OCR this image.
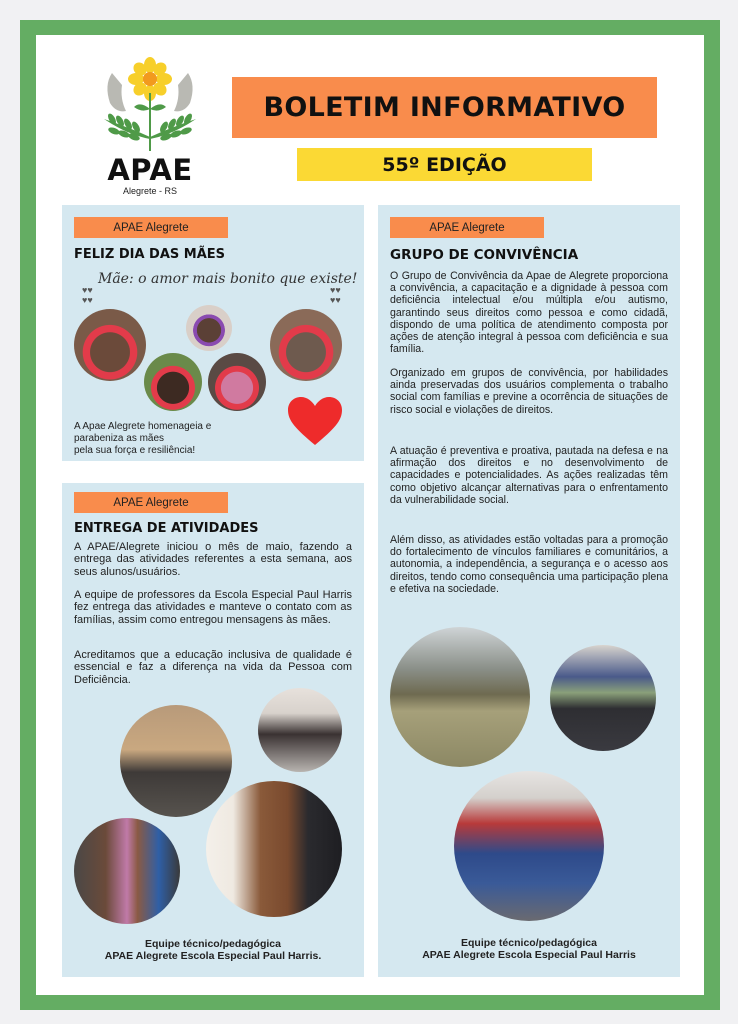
APAE
Alegrete - RS
BOLETIM INFORMATIVO
55º EDIÇÃO
APAE Alegrete
FELIZ DIA DAS MÃES
Mãe: o amor mais bonito que existe!
♥♥
♥♥
♥♥
♥♥
A Apae Alegrete homenageia e
parabeniza as mães
pela sua força e resiliência!
APAE Alegrete
ENTREGA DE ATIVIDADES
A APAE/Alegrete iniciou o mês de maio, fazendo a entrega das atividades referentes a esta semana, aos seus alunos/usuários.
A equipe de professores da Escola Especial Paul Harris fez entrega das atividades e manteve o contato com as famílias, assim como entregou mensagens às mães.
Acreditamos que a educação inclusiva de qualidade é essencial e faz a diferença na vida da Pessoa com Deficiência.
Equipe técnico/pedagógica
APAE Alegrete Escola Especial Paul Harris.
APAE Alegrete
GRUPO DE CONVIVÊNCIA
O Grupo de Convivência da Apae de Alegrete proporciona a convivência, a capacitação e a dignidade à pessoa com deficiência intelectual e/ou múltipla e/ou autismo, garantindo seus direitos como pessoa e como cidadã, dispondo de uma política de atendimento composta por ações de atenção integral à pessoa com deficiência e sua família.
Organizado em grupos de convivência, por habilidades ainda preservadas dos usuários complementa o trabalho social com famílias e previne a ocorrência de situações de risco social e violações de direitos.
A atuação é preventiva e proativa, pautada na defesa e na afirmação dos direitos e no desenvolvimento de capacidades e potencialidades. As ações realizadas têm como objetivo alcançar alternativas para o enfrentamento da vulnerabilidade social.
Além disso, as atividades estão voltadas para a promoção do fortalecimento de vínculos familiares e comunitários, a autonomia, a independência, a segurança e o acesso aos direitos, tendo como consequência uma participação plena e efetiva na sociedade.
Equipe técnico/pedagógica
APAE Alegrete Escola Especial Paul Harris
